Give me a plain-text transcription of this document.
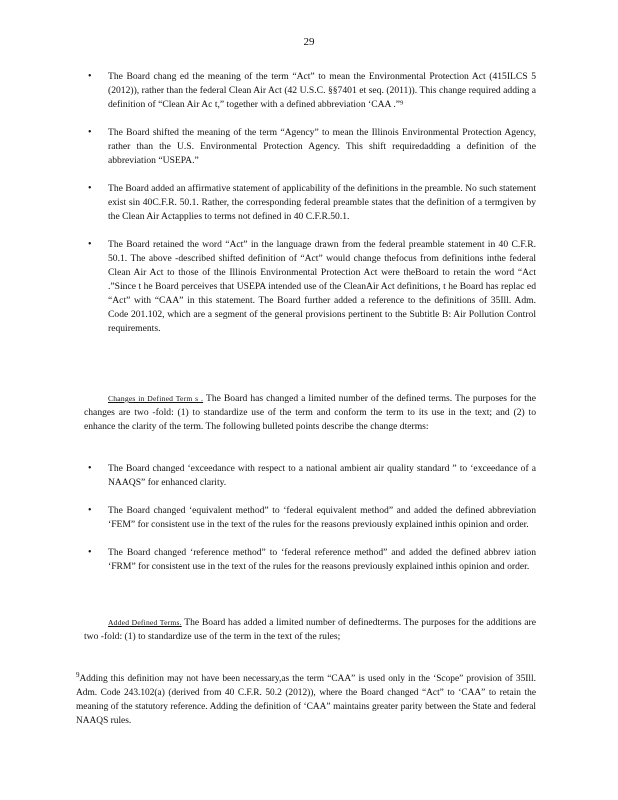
29
• The Board chang ed the meaning of the term “Act” to mean the Environmental Protection Act (415ILCS 5 (2012)), rather than the federal Clean Air Act (42 U.S.C. §§7401 et seq. (2011)). This change required adding a definition of “Clean Air Ac t,” together with a defined abbreviation ‘CAA .”⁹
• The Board shifted the meaning of the term “Agency” to mean the Illinois Environmental Protection Agency, rather than the U.S. Environmental Protection Agency. This shift requiredadding a definition of the abbreviation “USEPA.”
• The Board added an affirmative statement of applicability of the definitions in the preamble. No such statement exist sin 40C.F.R. 50.1. Rather, the corresponding federal preamble states that the definition of a termgiven by the Clean Air Actapplies to terms not defined in 40 C.F.R.50.1.
• The Board retained the word “Act” in the language drawn from the federal preamble statement in 40 C.F.R. 50.1. The above -described shifted definition of “Act” would change thefocus from definitions inthe federal Clean Air Act to those of the Illinois Environmental Protection Act were theBoard to retain the word “Act .”Since t he Board perceives that USEPA intended use of the CleanAir Act definitions, t he Board has replac ed “Act” with “CAA” in this statement. The Board further added a reference to the definitions of 35Ill. Adm. Code 201.102, which are a segment of the general provisions pertinent to the Subtitle B: Air Pollution Control requirements.

Changes in Defined Term s . The Board has changed a limited number of the defined terms. The purposes for the changes are two -fold: (1) to standardize use of the term and conform the term to its use in the text; and (2) to enhance the clarity of the term. The following bulleted points describe the change dterms:

• The Board changed ‘exceedance with respect to a national ambient air quality standard ” to ‘exceedance of a NAAQS” for enhanced clarity.
• The Board changed ‘equivalent method” to ‘federal equivalent method” and added the defined abbreviation ‘FEM” for consistent use in the text of the rules for the reasons previously explained inthis opinion and order.
• The Board changed ‘reference method” to ‘federal reference method” and added the defined abbrev iation ‘FRM” for consistent use in the text of the rules for the reasons previously explained inthis opinion and order.

Added Defined Terms. The Board has added a limited number of definedterms. The purposes for the additions are two -fold: (1) to standardize use of the term in the text of the rules;

$^9$Adding this definition may not have been necessary,as the term “CAA” is used only in the ‘Scope” provision of 35Ill. Adm. Code 243.102(a) (derived from 40 C.F.R. 50.2 (2012)), where the Board changed “Act” to ‘CAA” to retain the meaning of the statutory reference. Adding the definition of ‘CAA” maintains greater parity between the State and federal NAAQS rules.
